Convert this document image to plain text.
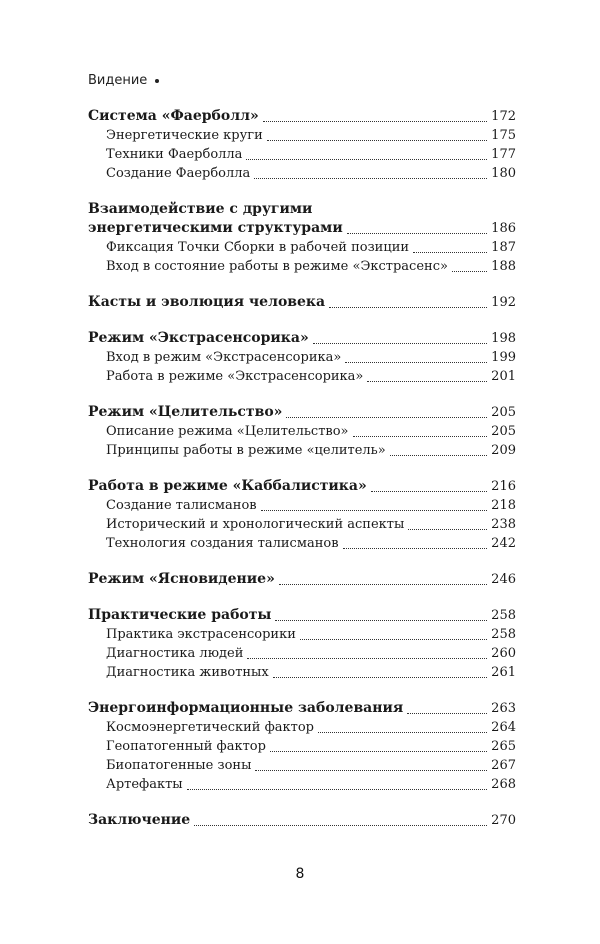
Видение
Система «Фаерболл»	172
Энергетические круги	175
Техники Фаерболла	177
Создание Фаерболла	180
Взаимодействие с другими
энергетическими структурами	186
Фиксация Точки Сборки в рабочей позиции	187
Вход в состояние работы в режиме «Экстрасенс»	188
Касты и эволюция человека	192
Режим «Экстрасенсорика»	198
Вход в режим «Экстрасенсорика»	199
Работа в режиме «Экстрасенсорика»	201
Режим «Целительство»	205
Описание режима «Целительство»	205
Принципы работы в режиме «целитель»	209
Работа в режиме «Каббалистика»	216
Создание талисманов	218
Исторический и хронологический аспекты	238
Технология создания талисманов	242
Режим «Ясновидение»	246
Практические работы	258
Практика экстрасенсорики	258
Диагностика людей	260
Диагностика животных	261
Энергоинформационные заболевания	263
Космоэнергетический фактор	264
Геопатогенный фактор	265
Биопатогенные зоны	267
Артефакты	268
Заключение	270
8
